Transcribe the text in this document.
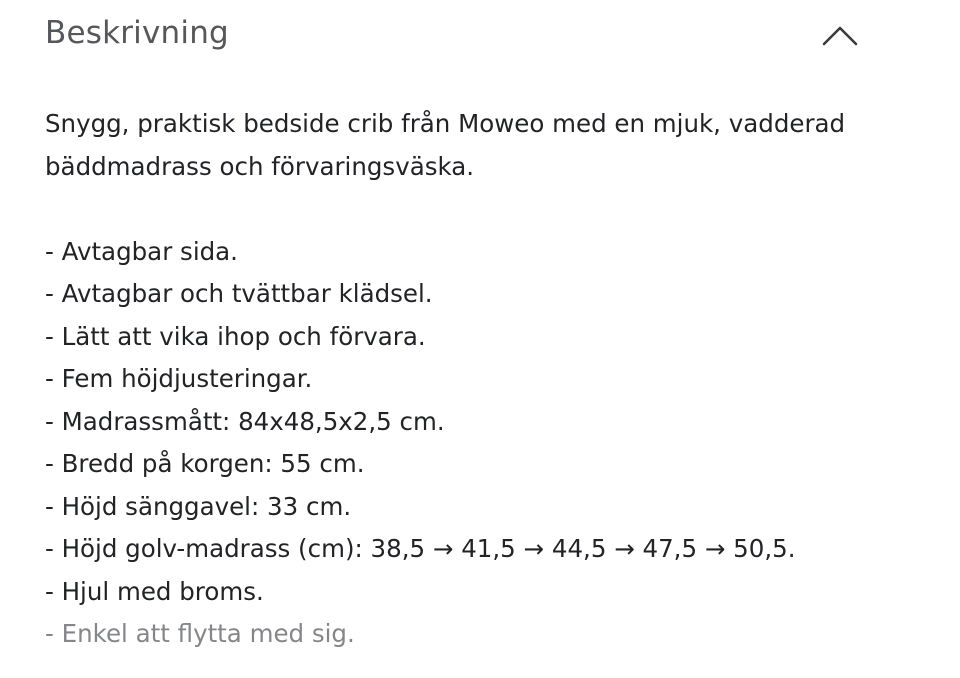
Beskrivning

Snygg, praktisk bedside crib från Moweo med en mjuk, vadderad
bäddmadrass och förvaringsväska.

- Avtagbar sida.
- Avtagbar och tvättbar klädsel.
- Lätt att vika ihop och förvara.
- Fem höjdjusteringar.
- Madrassmått: 84x48,5x2,5 cm.
- Bredd på korgen: 55 cm.
- Höjd sänggavel: 33 cm.
- Höjd golv-madrass (cm): 38,5 → 41,5 → 44,5 → 47,5 → 50,5.
- Hjul med broms.
- Enkel att flytta med sig.
